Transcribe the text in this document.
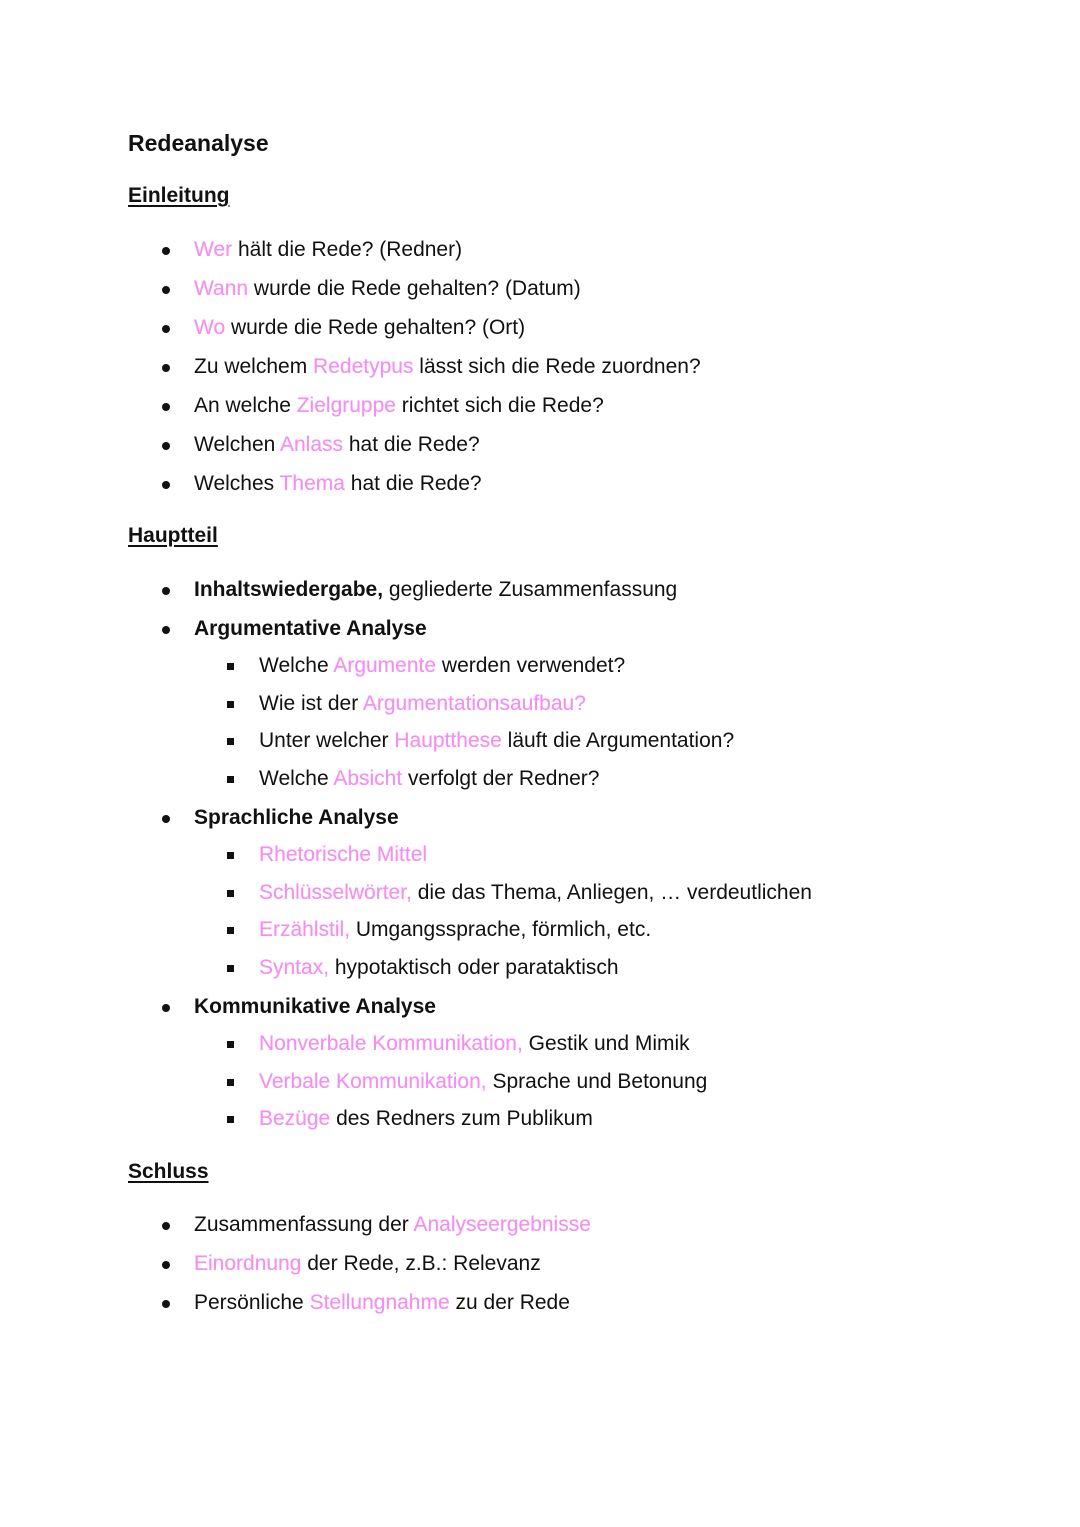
Redeanalyse
Einleitung
Wer hält die Rede? (Redner)
Wann wurde die Rede gehalten? (Datum)
Wo wurde die Rede gehalten? (Ort)
Zu welchem Redetypus lässt sich die Rede zuordnen?
An welche Zielgruppe richtet sich die Rede?
Welchen Anlass hat die Rede?
Welches Thema hat die Rede?
Hauptteil
Inhaltswiedergabe, gegliederte Zusammenfassung
Argumentative Analyse
Welche Argumente werden verwendet?
Wie ist der Argumentationsaufbau?
Unter welcher Hauptthese läuft die Argumentation?
Welche Absicht verfolgt der Redner?
Sprachliche Analyse
Rhetorische Mittel
Schlüsselwörter, die das Thema, Anliegen, … verdeutlichen
Erzählstil, Umgangssprache, förmlich, etc.
Syntax, hypotaktisch oder parataktisch
Kommunikative Analyse
Nonverbale Kommunikation, Gestik und Mimik
Verbale Kommunikation, Sprache und Betonung
Bezüge des Redners zum Publikum
Schluss
Zusammenfassung der Analyseergebnisse
Einordnung der Rede, z.B.: Relevanz
Persönliche Stellungnahme zu der Rede
